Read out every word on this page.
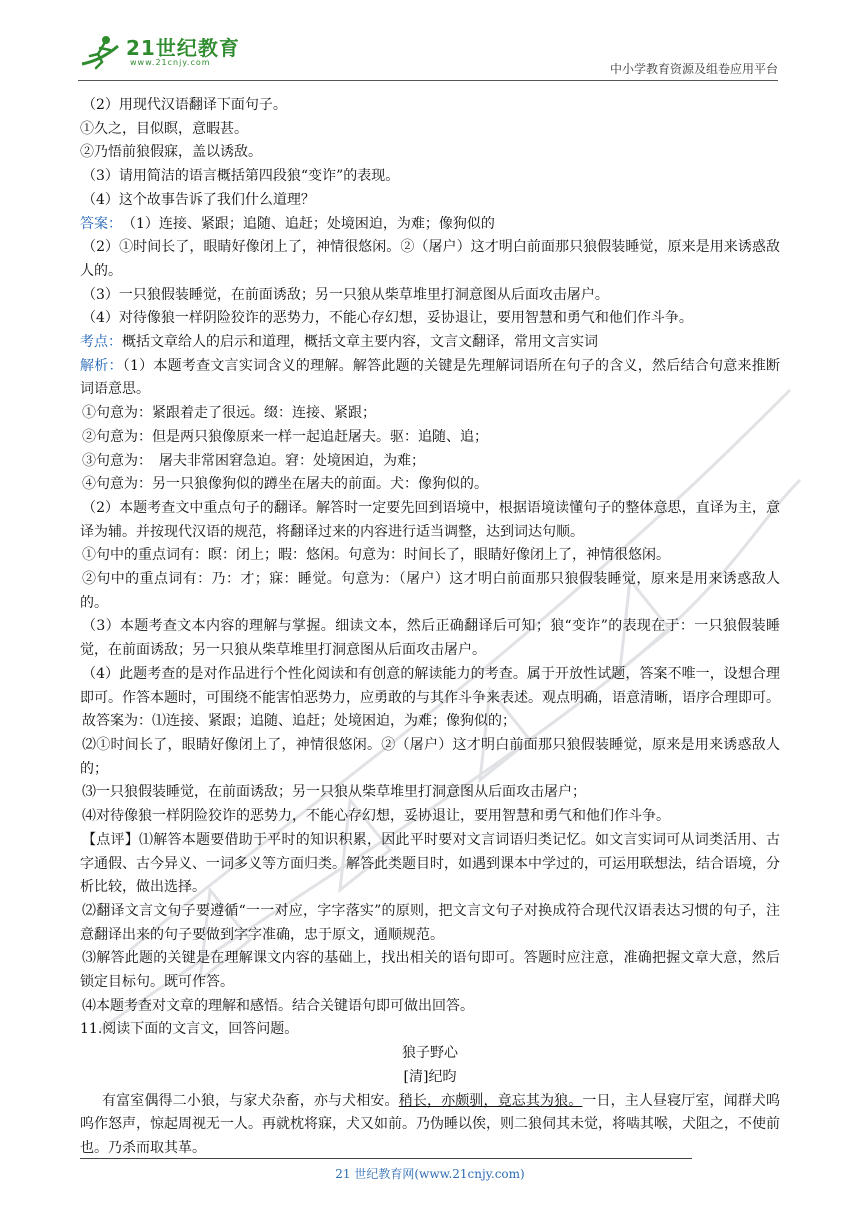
21世纪教育
www.21cnjy.com	中小学教育资源及组卷应用平台

（2）用现代汉语翻译下面句子。

①久之，目似瞑，意暇甚。

②乃悟前狼假寐，盖以诱敌。

（3）请用简洁的语言概括第四段狼“变诈”的表现。

（4）这个故事告诉了我们什么道理？

答案：　（1）连接、紧跟；追随、追赶；处境困迫，为难；像狗似的

（2）①时间长了，眼睛好像闭上了，神情很悠闲。②（屠户）这才明白前面那只狼假装睡觉，原来是用来诱惑敌人的。

（3）一只狼假装睡觉，在前面诱敌；另一只狼从柴草堆里打洞意图从后面攻击屠户。

（4）对待像狼一样阴险狡诈的恶势力，不能心存幻想，妥协退让，要用智慧和勇气和他们作斗争。

考点：概括文章给人的启示和道理，概括文章主要内容，文言文翻译，常用文言实词

解析：（1）本题考查文言实词含义的理解。解答此题的关键是先理解词语所在句子的含义，然后结合句意来推断词语意思。

①句意为：紧跟着走了很远。缀：连接、紧跟；

②句意为：但是两只狼像原来一样一起追赶屠夫。驱：追随、追；

③句意为：　屠夫非常困窘急迫。窘：处境困迫，为难；

④句意为：另一只狼像狗似的蹲坐在屠夫的前面。犬：像狗似的。

（2）本题考查文中重点句子的翻译。解答时一定要先回到语境中，根据语境读懂句子的整体意思，直译为主，意译为辅。并按现代汉语的规范，将翻译过来的内容进行适当调整，达到词达句顺。

①句中的重点词有：瞑：闭上；暇：悠闲。句意为：时间长了，眼睛好像闭上了，神情很悠闲。

②句中的重点词有：乃：才；寐：睡觉。句意为：（屠户）这才明白前面那只狼假装睡觉，原来是用来诱惑敌人的。

（3）本题考查文本内容的理解与掌握。细读文本，然后正确翻译后可知；狼“变诈”的表现在于：一只狼假装睡觉，在前面诱敌；另一只狼从柴草堆里打洞意图从后面攻击屠户。

（4）此题考查的是对作品进行个性化阅读和有创意的解读能力的考查。属于开放性试题，答案不唯一，设想合理即可。作答本题时，可围绕不能害怕恶势力，应勇敢的与其作斗争来表述。观点明确，语意清晰，语序合理即可。

故答案为：⑴连接、紧跟；追随、追赶；处境困迫，为难；像狗似的；

⑵①时间长了，眼睛好像闭上了，神情很悠闲。②（屠户）这才明白前面那只狼假装睡觉，原来是用来诱惑敌人的；

⑶一只狼假装睡觉，在前面诱敌；另一只狼从柴草堆里打洞意图从后面攻击屠户；

⑷对待像狼一样阴险狡诈的恶势力，不能心存幻想，妥协退让，要用智慧和勇气和他们作斗争。

【点评】⑴解答本题要借助于平时的知识积累，因此平时要对文言词语归类记忆。如文言实词可从词类活用、古字通假、古今异义、一词多义等方面归类。解答此类题目时，如遇到课本中学过的，可运用联想法，结合语境，分析比较，做出选择。

⑵翻译文言文句子要遵循“一一对应，字字落实”的原则，把文言文句子对换成符合现代汉语表达习惯的句子，注意翻译出来的句子要做到字字准确，忠于原文，通顺规范。

⑶解答此题的关键是在理解课文内容的基础上，找出相关的语句即可。答题时应注意，准确把握文章大意，然后锁定目标句。既可作答。

⑷本题考查对文章的理解和感悟。结合关键语句即可做出回答。

11.阅读下面的文言文，回答问题。

狼子野心

[清]纪昀

有富室偶得二小狼，与家犬杂畜，亦与犬相安。稍长，亦颇驯，竟忘其为狼。一日，主人昼寝厅室，闻群犬呜呜作怒声，惊起周视无一人。再就枕将寐，犬又如前。乃伪睡以俟，则二狼伺其未觉，将啮其喉，犬阻之，不使前也。乃杀而取其革。

21 世纪教育网(www.21cnjy.com)
